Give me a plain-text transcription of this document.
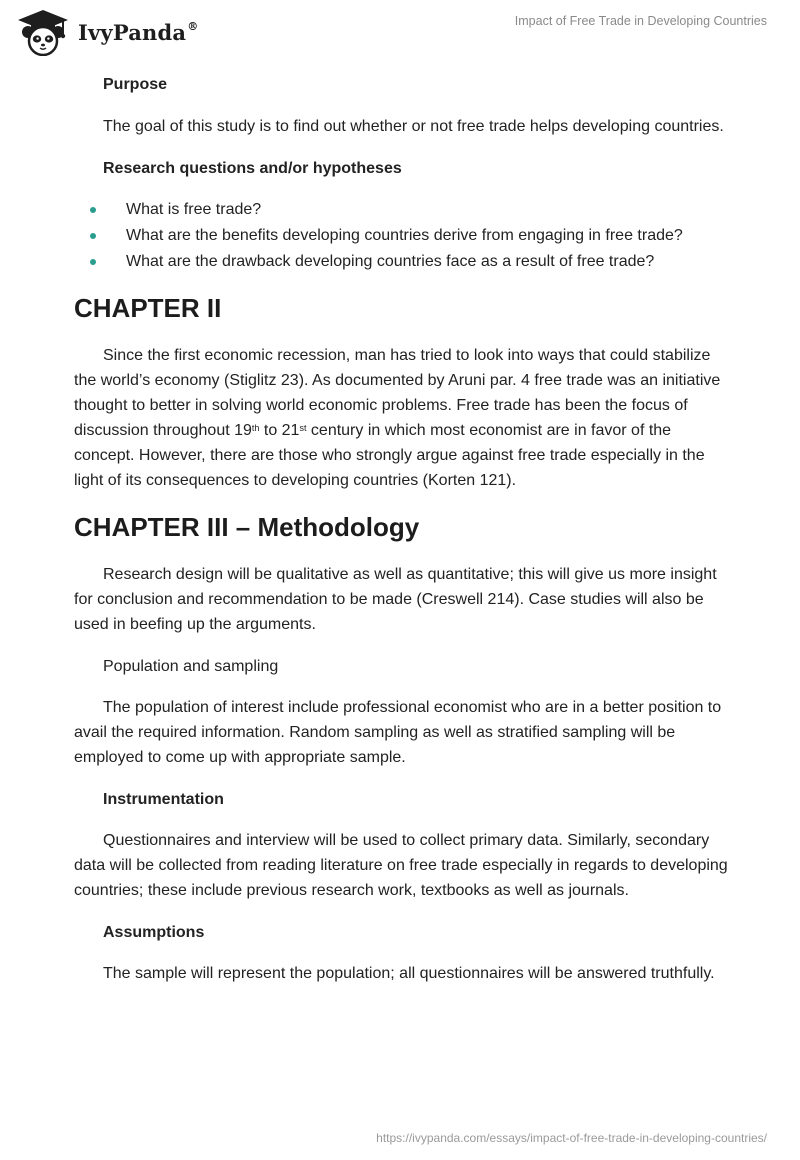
IvyPanda®	Impact of Free Trade in Developing Countries

Purpose

The goal of this study is to find out whether or not free trade helps developing countries.

Research questions and/or hypotheses

What is free trade?
What are the benefits developing countries derive from engaging in free trade?
What are the drawback developing countries face as a result of free trade?
CHAPTER II

Since the first economic recession, man has tried to look into ways that could stabilize the world’s economy (Stiglitz 23). As documented by Aruni par. 4 free trade was an initiative thought to better in solving world economic problems. Free trade has been the focus of discussion throughout 19th to 21st century in which most economist are in favor of the concept. However, there are those who strongly argue against free trade especially in the light of its consequences to developing countries (Korten 121).

CHAPTER III – Methodology

Research design will be qualitative as well as quantitative; this will give us more insight for conclusion and recommendation to be made (Creswell 214). Case studies will also be used in beefing up the arguments.

Population and sampling

The population of interest include professional economist who are in a better position to avail the required information. Random sampling as well as stratified sampling will be employed to come up with appropriate sample.

Instrumentation

Questionnaires and interview will be used to collect primary data. Similarly, secondary data will be collected from reading literature on free trade especially in regards to developing countries; these include previous research work, textbooks as well as journals.

Assumptions

The sample will represent the population; all questionnaires will be answered truthfully.

https://ivypanda.com/essays/impact-of-free-trade-in-developing-countries/
